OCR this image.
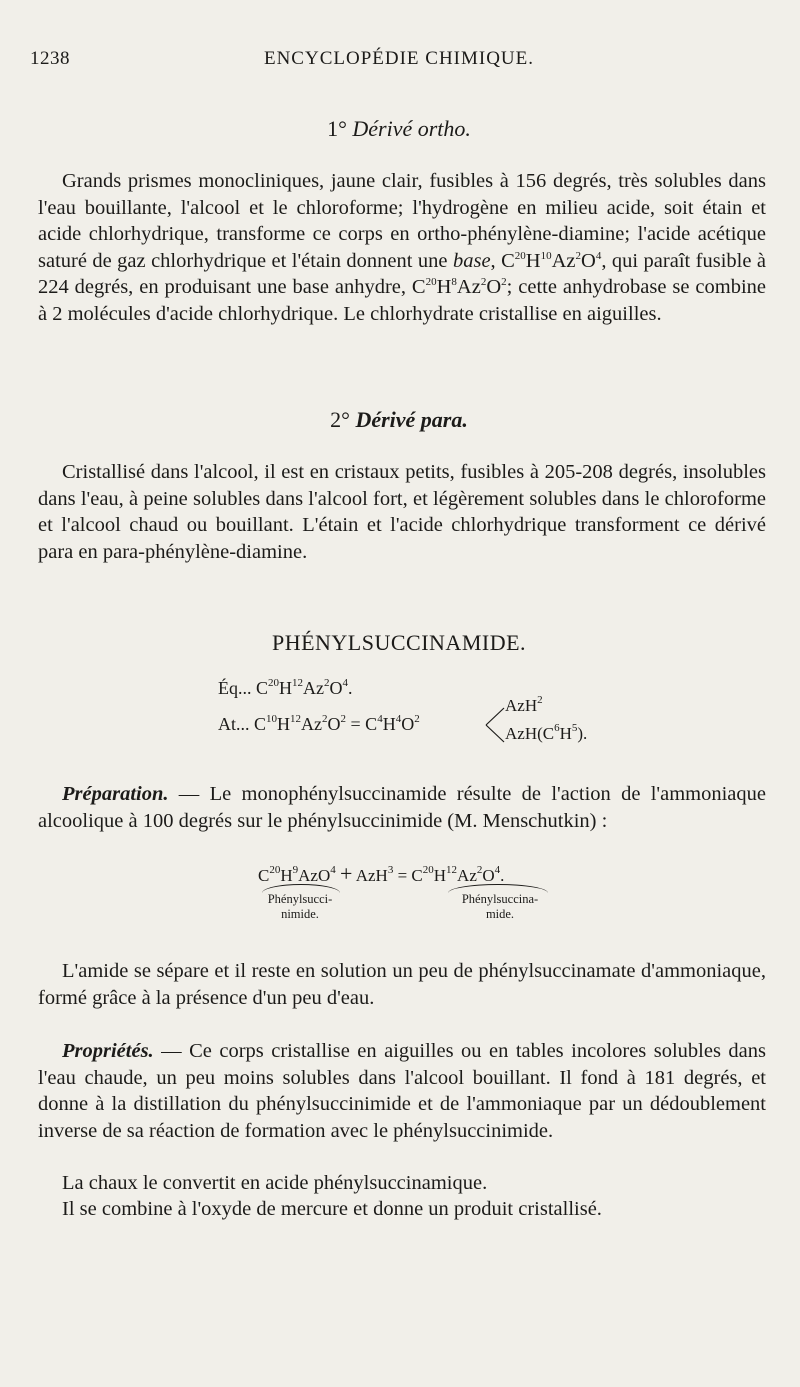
1238	ENCYCLOPÉDIE CHIMIQUE.
1° Dérivé ortho.

Grands prismes monocliniques, jaune clair, fusibles à 156 degrés, très solubles dans l'eau bouillante, l'alcool et le chloroforme; l'hydrogène en milieu acide, soit étain et acide chlorhydrique, transforme ce corps en ortho-phénylène-diamine; l'acide acétique saturé de gaz chlorhydrique et l'étain donnent une base, $C^{20}H^{10}Az^2O^4$, qui paraît fusible à 224 degrés, en produisant une base anhydre, $C^{20}H^8Az^2O^2$; cette anhydrobase se combine à 2 molécules d'acide chlorhydrique. Le chlorhydrate cristallise en aiguilles.

2° Dérivé para.

Cristallisé dans l'alcool, il est en cristaux petits, fusibles à 205-208 degrés, insolubles dans l'eau, à peine solubles dans l'alcool fort, et légèrement solubles dans le chloroforme et l'alcool chaud ou bouillant. L'étain et l'acide chlorhydrique transforment ce dérivé para en para-phénylène-diamine.

PHÉNYLSUCCINAMIDE.
Éq... $C^{20}H^{12}Az^2O^4$.
At... $C^{10}H^{12}Az^2O^2 = C^4H^4O^2$
AzH$^2$
$AzH(C^6H^5)$.

Préparation. — Le monophénylsuccinamide résulte de l'action de l'ammoniaque alcoolique à 100 degrés sur le phénylsuccinimide (M. Menschutkin) :

$C^{20}H^9AzO^4 + AzH^3 = C^{20}H^{12}Az^2O^4$.
Phénylsucci-
nimide.
Phénylsuccina-
mide.

L'amide se sépare et il reste en solution un peu de phénylsuccinamate d'ammoniaque, formé grâce à la présence d'un peu d'eau.

Propriétés. — Ce corps cristallise en aiguilles ou en tables incolores solubles dans l'eau chaude, un peu moins solubles dans l'alcool bouillant. Il fond à 181 degrés, et donne à la distillation du phénylsuccinimide et de l'ammoniaque par un dédoublement inverse de sa réaction de formation avec le phénylsuccinimide.

La chaux le convertit en acide phénylsuccinamique.

Il se combine à l'oxyde de mercure et donne un produit cristallisé.
